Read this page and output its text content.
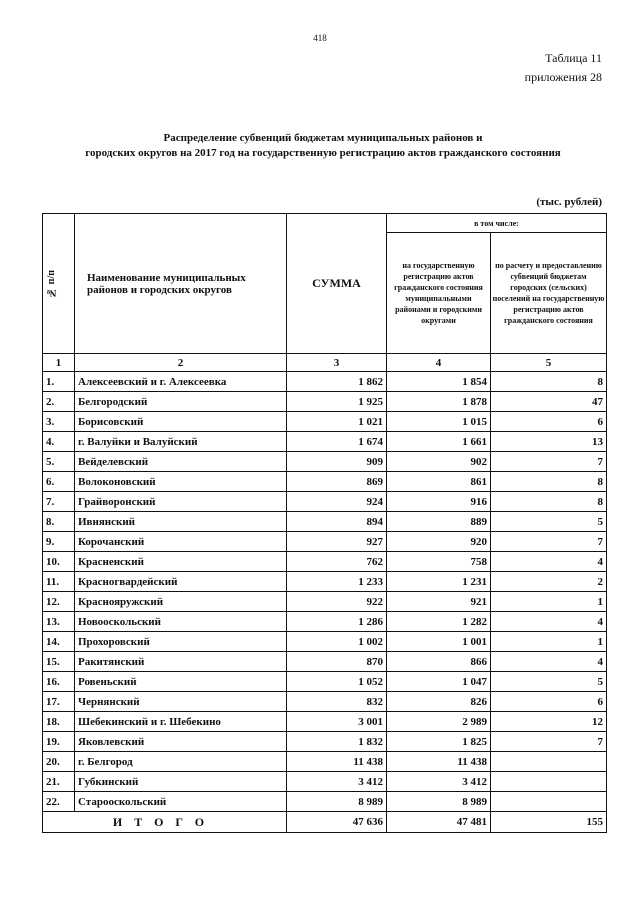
418
Таблица 11
приложения 28
Распределение субвенций бюджетам муниципальных районов и
городских округов на 2017 год на государственную регистрацию актов гражданского состояния
(тыс. рублей)
№ п/п	Наименование муниципальных районов и городских округов	СУММА	в том числе:	
			на государственную регистрацию актов гражданского состояния муниципальными районами и городскими округами	по расчету и предоставлению субвенций бюджетам городских (сельских) поселений на государственную регистрацию актов гражданского состояния
1	2	3	4	5
1.	Алексеевский и г. Алексеевка	1 862	1 854	8
2.	Белгородский	1 925	1 878	47
3.	Борисовский	1 021	1 015	6
4.	г. Валуйки и Валуйский	1 674	1 661	13
5.	Вейделевский	909	902	7
6.	Волоконовский	869	861	8
7.	Грайворонский	924	916	8
8.	Ивнянский	894	889	5
9.	Корочанский	927	920	7
10.	Красненский	762	758	4
11.	Красногвардейский	1 233	1 231	2
12.	Краснояружский	922	921	1
13.	Новооскольский	1 286	1 282	4
14.	Прохоровский	1 002	1 001	1
15.	Ракитянский	870	866	4
16.	Ровеньский	1 052	1 047	5
17.	Чернянский	832	826	6
18.	Шебекинский и г. Шебекино	3 001	2 989	12
19.	Яковлевский	1 832	1 825	7
20.	г. Белгород	11 438	11 438	
21.	Губкинский	3 412	3 412	
22.	Старооскольский	8 989	8 989	
ИТОГО		47 636	47 481	155
